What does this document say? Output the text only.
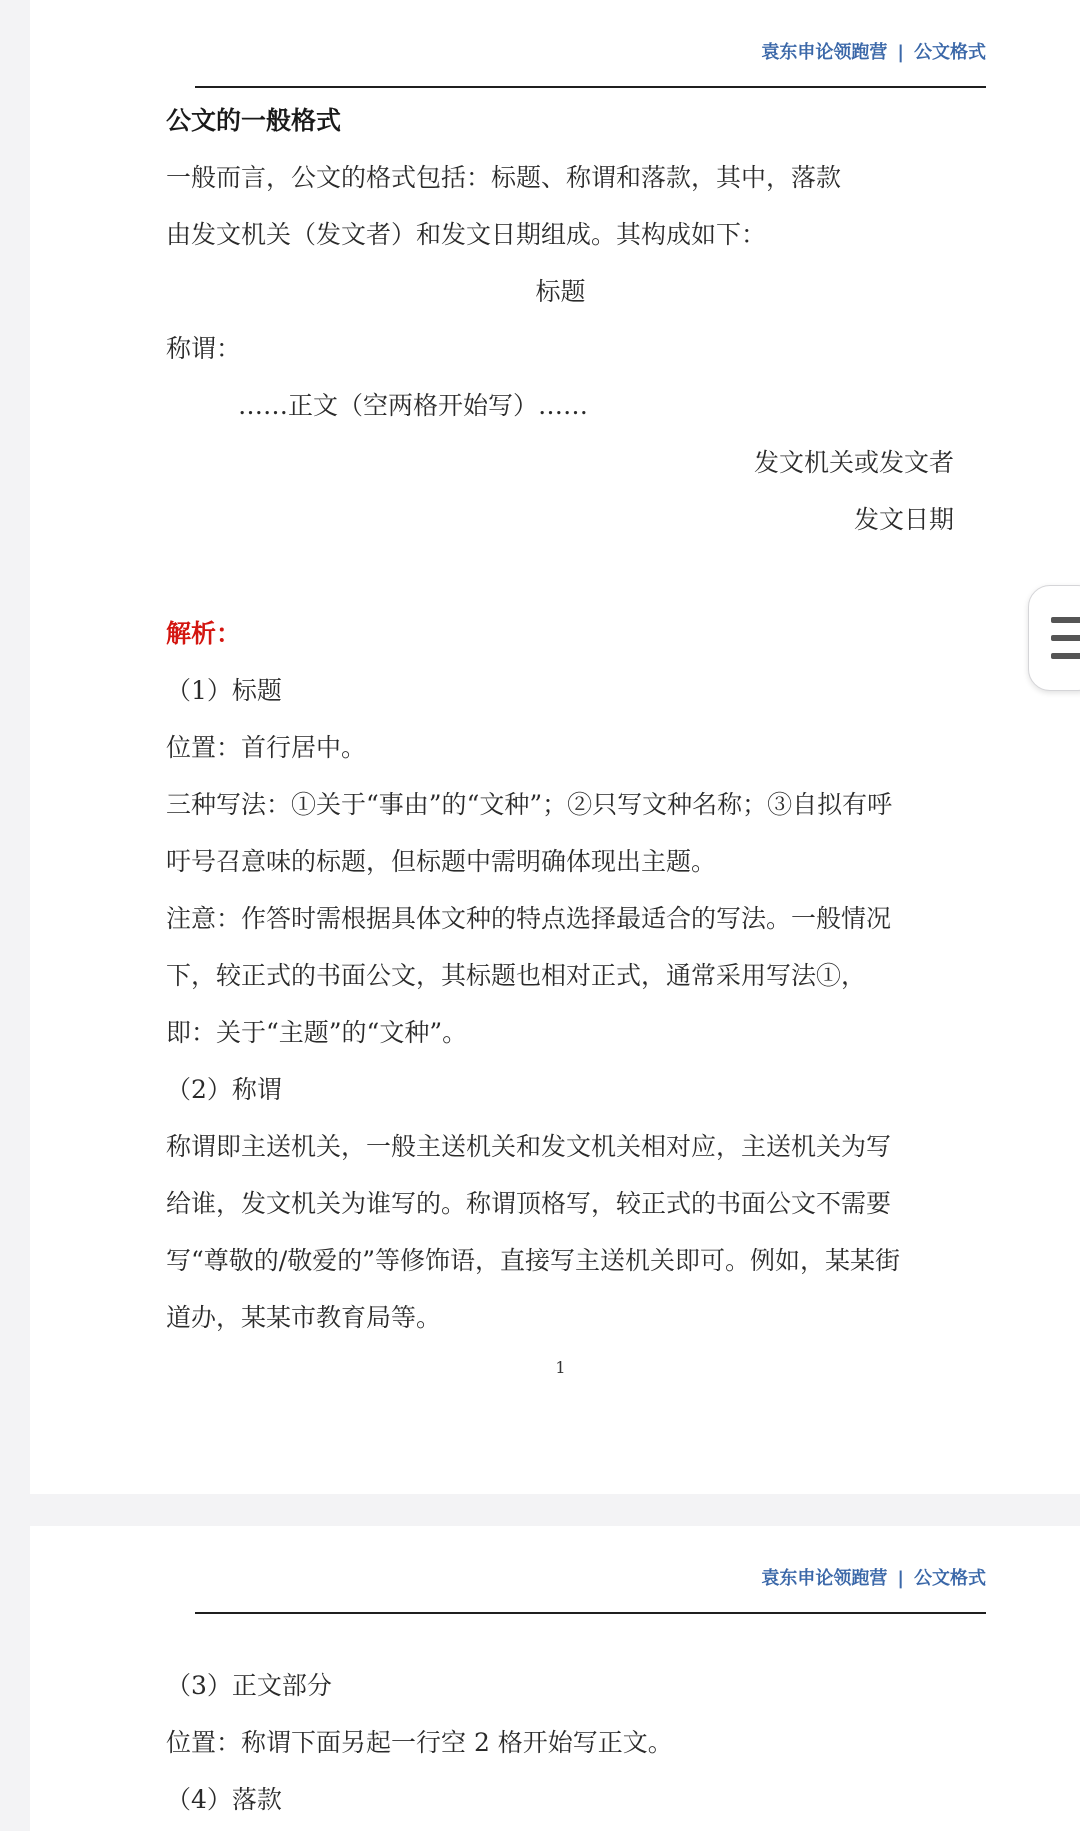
袁东申论领跑营 | 公文格式
公文的一般格式
一般而言，公文的格式包括：标题、称谓和落款，其中，落款
由发文机关（发文者）和发文日期组成。其构成如下：
标题
称谓：
……正文（空两格开始写）……
发文机关或发文者
发文日期
解析：
（1）标题
位置：首行居中。
三种写法：①关于“事由”的“文种”；②只写文种名称；③自拟有呼
吁号召意味的标题，但标题中需明确体现出主题。
注意：作答时需根据具体文种的特点选择最适合的写法。一般情况
下，较正式的书面公文，其标题也相对正式，通常采用写法①，
即：关于“主题”的“文种”。
（2）称谓
称谓即主送机关，一般主送机关和发文机关相对应，主送机关为写
给谁，发文机关为谁写的。称谓顶格写，较正式的书面公文不需要
写“尊敬的/敬爱的”等修饰语，直接写主送机关即可。例如，某某街
道办，某某市教育局等。
1
袁东申论领跑营 | 公文格式
（3）正文部分
位置：称谓下面另起一行空 2 格开始写正文。
（4）落款
